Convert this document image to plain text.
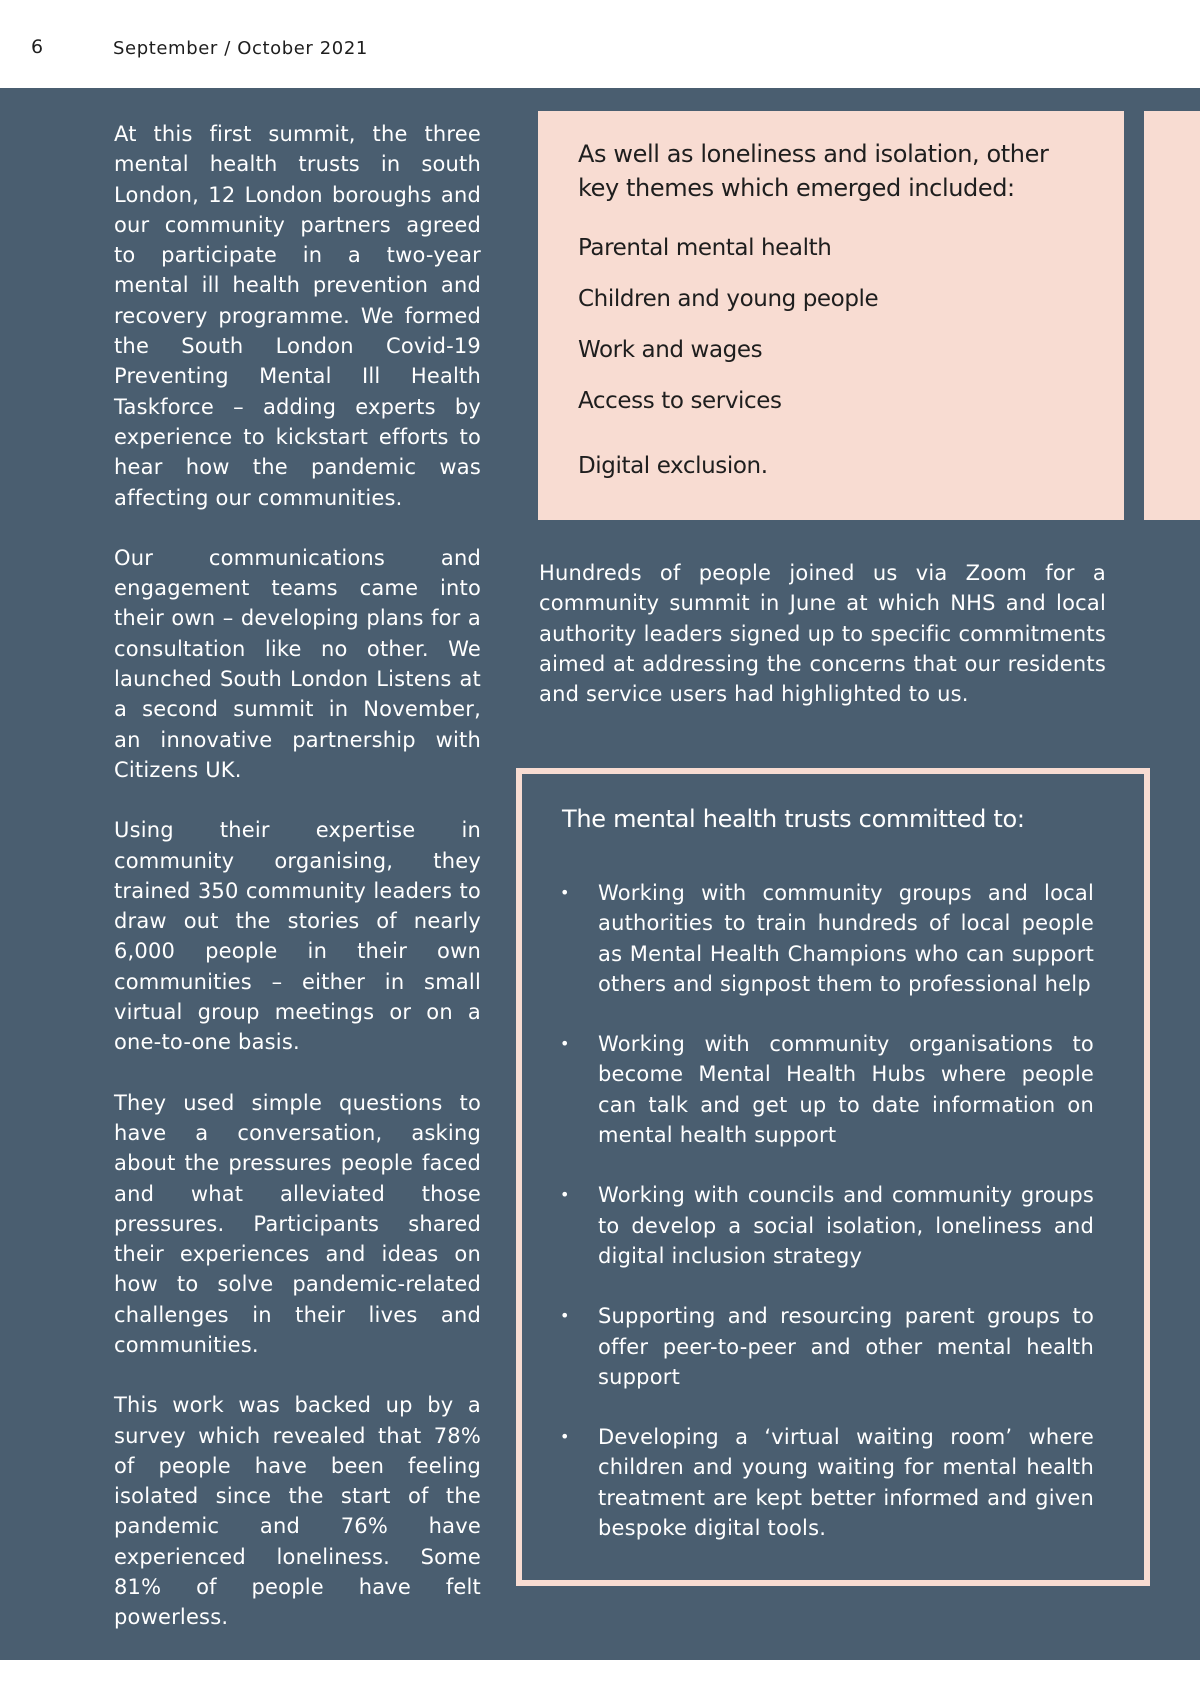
6	September / October 2021

At this first summit, the three mental health trusts in south London, 12 London boroughs and our community partners agreed to participate in a two-year mental ill health prevention and recovery programme. We formed the South London Covid-19 Preventing Mental Ill Health Taskforce – adding experts by experience to kickstart efforts to hear how the pandemic was affecting our communities.

Our communications and engagement teams came into their own – developing plans for a consultation like no other. We launched South London Listens at a second summit in November, an innovative partnership with Citizens UK.

Using their expertise in community organising, they trained 350 community leaders to draw out the stories of nearly 6,000 people in their own communities – either in small virtual group meetings or on a one-to-one basis.

They used simple questions to have a conversation, asking about the pressures people faced and what alleviated those pressures. Participants shared their experiences and ideas on how to solve pandemic-related challenges in their lives and communities.

This work was backed up by a survey which revealed that 78% of people have been feeling isolated since the start of the pandemic and 76% have experienced loneliness. Some 81% of people have felt powerless.

As well as loneliness and isolation, other
key themes which emerged included:

Parental mental health
Children and young people
Work and wages
Access to services
Digital exclusion.

Hundreds of people joined us via Zoom for a community summit in June at which NHS and local authority leaders signed up to specific commitments aimed at addressing the concerns that our residents and service users had highlighted to us.

The mental health trusts committed to:

• Working with community groups and local authorities to train hundreds of local people as Mental Health Champions who can support others and signpost them to professional help
• Working with community organisations to become Mental Health Hubs where people can talk and get up to date information on mental health support
• Working with councils and community groups to develop a social isolation, loneliness and digital inclusion strategy
• Supporting and resourcing parent groups to offer peer-to-peer and other mental health support
• Developing a ‘virtual waiting room’ where children and young waiting for mental health treatment are kept better informed and given bespoke digital tools.
